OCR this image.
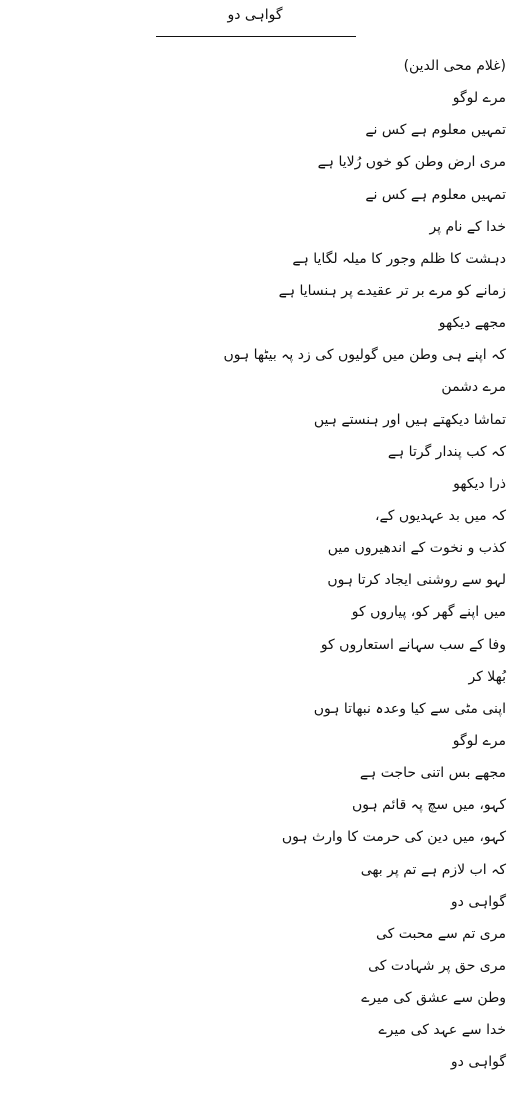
گواہی دو
(غلام محی الدین)
مرے لوگو
تمہیں معلوم ہے کس نے
مری ارض وطن کو خوں رُلایا ہے
تمہیں معلوم ہے کس نے
خدا کے نام پر
دہشت کا ظلم وجور کا میلہ لگایا ہے
زمانے کو مرے بر تر عقیدے پر ہنسایا ہے
مجھے دیکھو
کہ اپنے ہی وطن میں گولیوں کی زد پہ بیٹھا ہوں
مرے دشمن
تماشا دیکھتے ہیں اور ہنستے ہیں
کہ کب پندار گرتا ہے
ذرا دیکھو
کہ میں بد عہدیوں کے،
کذب و نخوت کے اندھیروں میں
لہو سے روشنی ایجاد کرتا ہوں
میں اپنے گھر کو، پیاروں کو
وفا کے سب سہانے استعاروں کو
بُھلا کر
اپنی مٹی سے کیا وعدہ نبھاتا ہوں
مرے لوگو
مجھے بس اتنی حاجت ہے
کہو، میں سچ پہ قائم ہوں
کہو، میں دین کی حرمت کا وارث ہوں
کہ اب لازم ہے تم پر بھی
گواہی دو
مری تم سے محبت کی
مری حق پر شہادت کی
وطن سے عشق کی میرے
خدا سے عہد کی میرے
گواہی دو
